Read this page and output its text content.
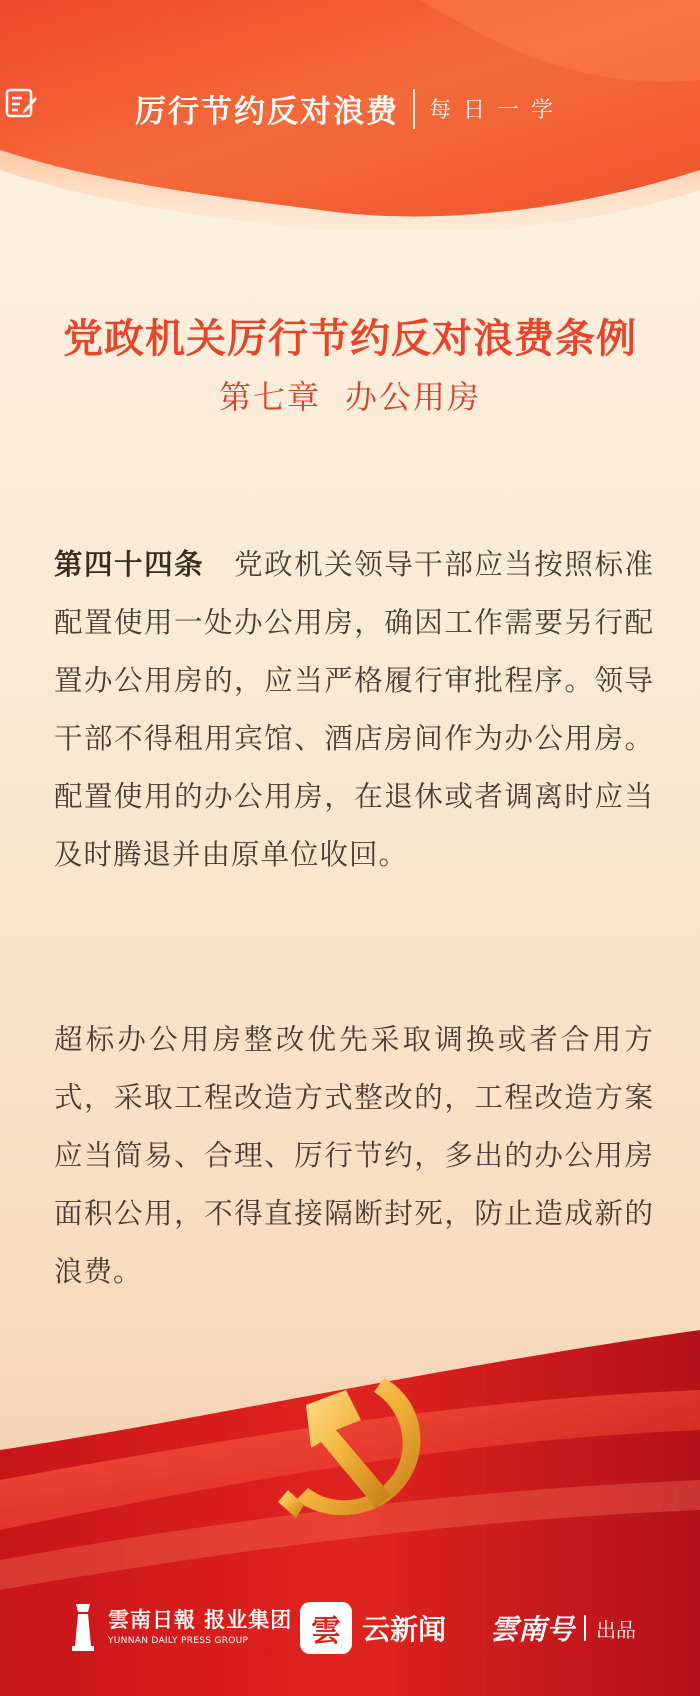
厉行节约反对浪费 每日一学
党政机关厉行节约反对浪费条例
第七章 办公用房
第四十四条 党政机关领导干部应当按照标准配置使用一处办公用房，确因工作需要另行配置办公用房的，应当严格履行审批程序。领导干部不得租用宾馆、酒店房间作为办公用房。配置使用的办公用房，在退休或者调离时应当及时腾退并由原单位收回。
超标办公用房整改优先采取调换或者合用方式，采取工程改造方式整改的，工程改造方案应当简易、合理、厉行节约，多出的办公用房面积公用，不得直接隔断封死，防止造成新的浪费。
雲南日報 报业集团
YUNNAN DAILY PRESS GROUP	雲 云新闻 雲南号 出品
